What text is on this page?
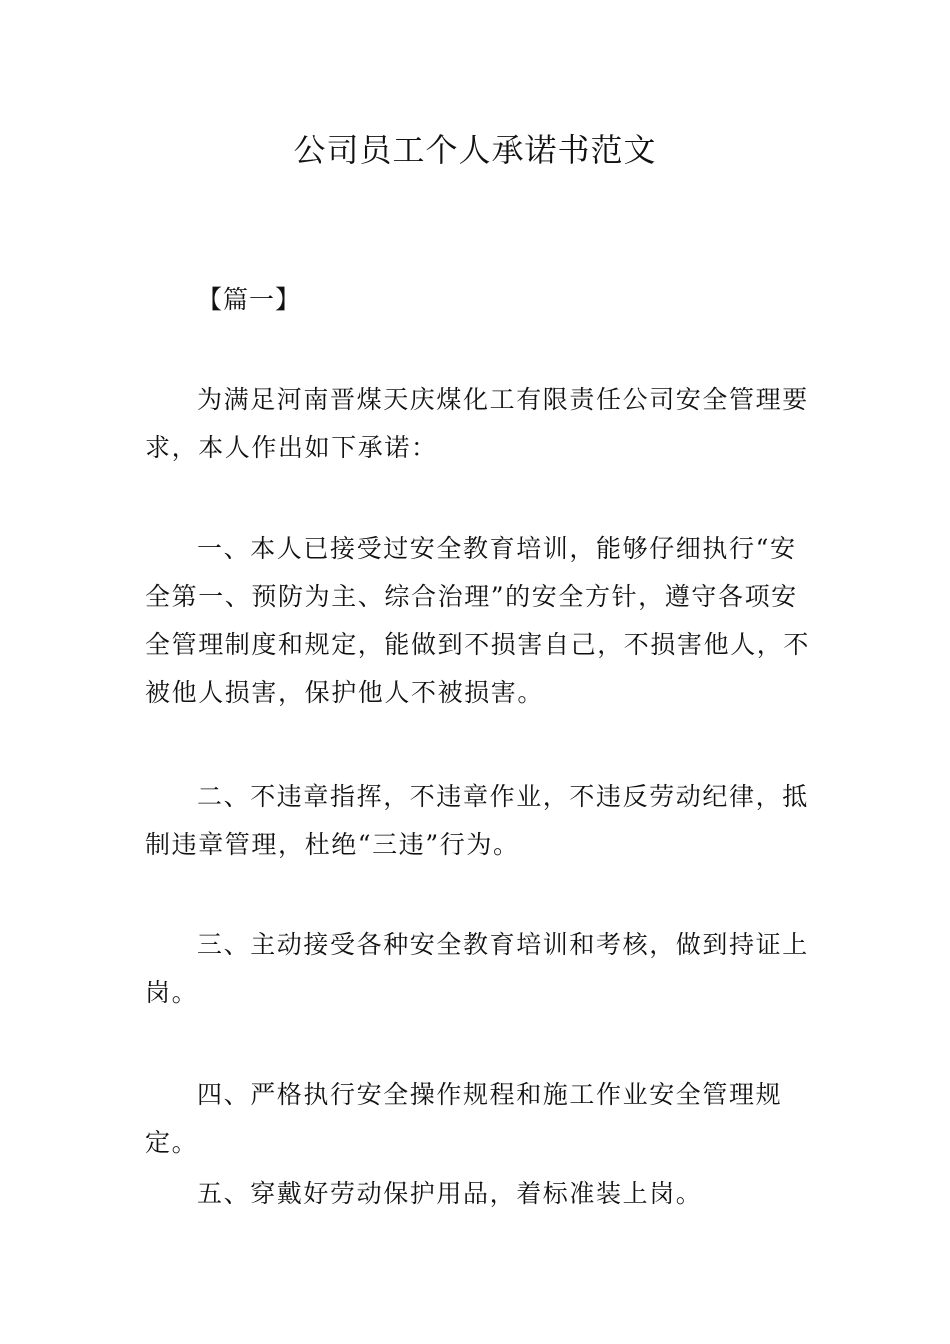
公司员工个人承诺书范文

【篇一】

为满足河南晋煤天庆煤化工有限责任公司安全管理要求，本人作出如下承诺：

一、本人已接受过安全教育培训，能够仔细执行“安全第一、预防为主、综合治理”的安全方针，遵守各项安全管理制度和规定，能做到不损害自己，不损害他人，不被他人损害，保护他人不被损害。

二、不违章指挥，不违章作业，不违反劳动纪律，抵制违章管理，杜绝“三违”行为。

三、主动接受各种安全教育培训和考核，做到持证上岗。

四、严格执行安全操作规程和施工作业安全管理规定。

五、穿戴好劳动保护用品，着标准装上岗。
